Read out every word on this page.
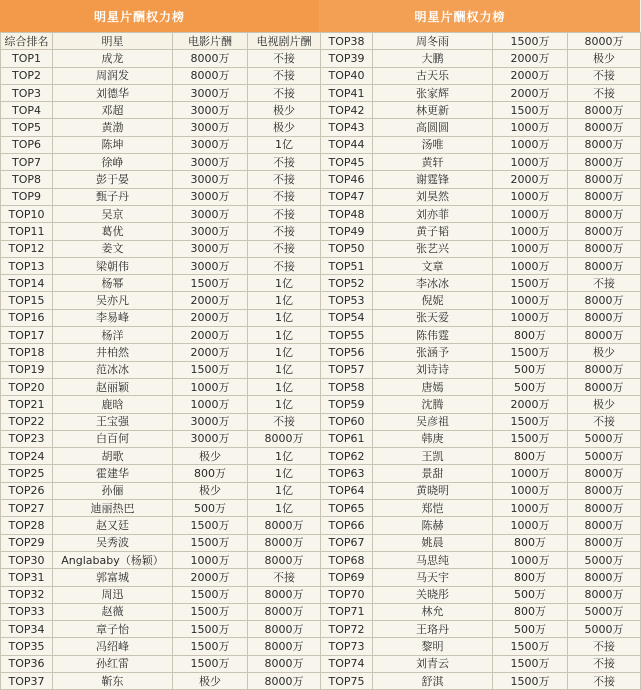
明星片酬权力榜
综合排名	明星	电影片酬	电视剧片酬
TOP1	成龙	8000万	不接
TOP2	周润发	8000万	不接
TOP3	刘德华	3000万	不接
TOP4	邓超	3000万	极少
TOP5	黄渤	3000万	极少
TOP6	陈坤	3000万	1亿
TOP7	徐峥	3000万	不接
TOP8	彭于晏	3000万	不接
TOP9	甄子丹	3000万	不接
TOP10	吴京	3000万	不接
TOP11	葛优	3000万	不接
TOP12	姜文	3000万	不接
TOP13	梁朝伟	3000万	不接
TOP14	杨幂	1500万	1亿
TOP15	吴亦凡	2000万	1亿
TOP16	李易峰	2000万	1亿
TOP17	杨洋	2000万	1亿
TOP18	井柏然	2000万	1亿
TOP19	范冰冰	1500万	1亿
TOP20	赵丽颖	1000万	1亿
TOP21	鹿晗	1000万	1亿
TOP22	王宝强	3000万	不接
TOP23	白百何	3000万	8000万
TOP24	胡歌	极少	1亿
TOP25	霍建华	800万	1亿
TOP26	孙俪	极少	1亿
TOP27	迪丽热巴	500万	1亿
TOP28	赵又廷	1500万	8000万
TOP29	吴秀波	1500万	8000万
TOP30	Anglababy（杨颖）	1000万	8000万
TOP31	郭富城	2000万	不接
TOP32	周迅	1500万	8000万
TOP33	赵薇	1500万	8000万
TOP34	章子怡	1500万	8000万
TOP35	冯绍峰	1500万	8000万
TOP36	孙红雷	1500万	8000万
TOP37	靳东	极少	8000万
明星片酬权力榜
TOP38	周冬雨	1500万	8000万
TOP39	大鹏	2000万	极少
TOP40	古天乐	2000万	不接
TOP41	张家辉	2000万	不接
TOP42	林更新	1500万	8000万
TOP43	高圆圆	1000万	8000万
TOP44	汤唯	1000万	8000万
TOP45	黄轩	1000万	8000万
TOP46	谢霆锋	2000万	8000万
TOP47	刘昊然	1000万	8000万
TOP48	刘亦菲	1000万	8000万
TOP49	黄子韬	1000万	8000万
TOP50	张艺兴	1000万	8000万
TOP51	文章	1000万	8000万
TOP52	李冰冰	1500万	不接
TOP53	倪妮	1000万	8000万
TOP54	张天爱	1000万	8000万
TOP55	陈伟霆	800万	8000万
TOP56	张涵予	1500万	极少
TOP57	刘诗诗	500万	8000万
TOP58	唐嫣	500万	8000万
TOP59	沈腾	2000万	极少
TOP60	吴彦祖	1500万	不接
TOP61	韩庚	1500万	5000万
TOP62	王凯	800万	5000万
TOP63	景甜	1000万	8000万
TOP64	黄晓明	1000万	8000万
TOP65	郑恺	1000万	8000万
TOP66	陈赫	1000万	8000万
TOP67	姚晨	800万	8000万
TOP68	马思纯	1000万	5000万
TOP69	马天宇	800万	8000万
TOP70	关晓彤	500万	8000万
TOP71	林允	800万	5000万
TOP72	王珞丹	500万	5000万
TOP73	黎明	1500万	不接
TOP74	刘青云	1500万	不接
TOP75	舒淇	1500万	不接
